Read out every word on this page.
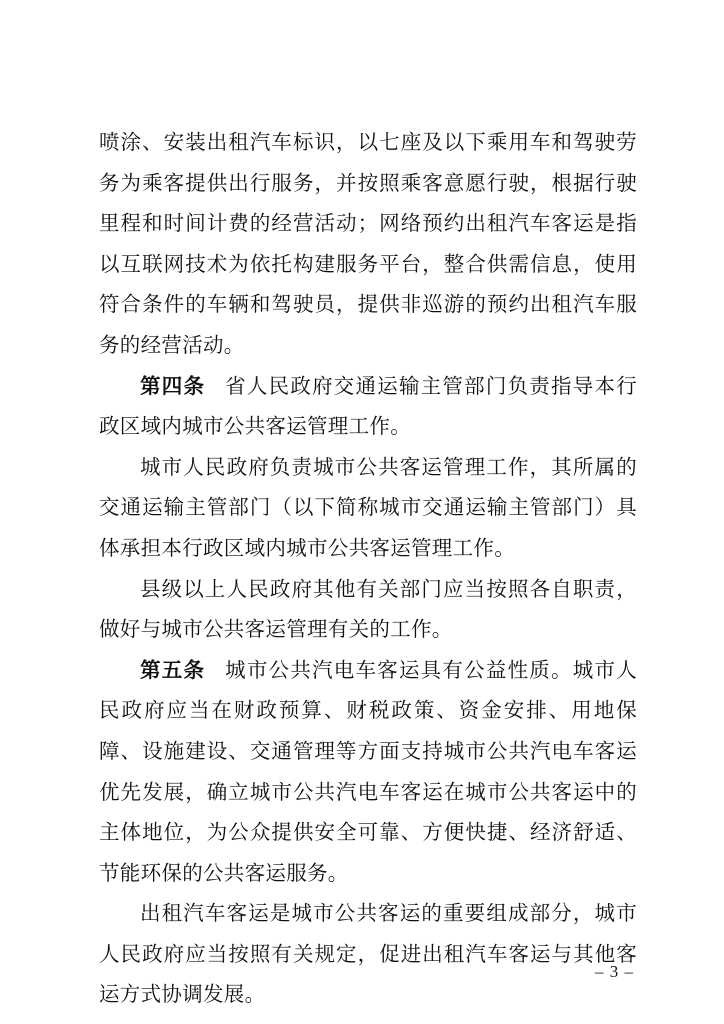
喷涂、安装出租汽车标识，以七座及以下乘用车和驾驶劳务为乘客提供出行服务，并按照乘客意愿行驶，根据行驶里程和时间计费的经营活动；网络预约出租汽车客运是指以互联网技术为依托构建服务平台，整合供需信息，使用符合条件的车辆和驾驶员，提供非巡游的预约出租汽车服务的经营活动。

第四条 省人民政府交通运输主管部门负责指导本行政区域内城市公共客运管理工作。

城市人民政府负责城市公共客运管理工作，其所属的交通运输主管部门（以下简称城市交通运输主管部门）具体承担本行政区域内城市公共客运管理工作。

县级以上人民政府其他有关部门应当按照各自职责，做好与城市公共客运管理有关的工作。

第五条 城市公共汽电车客运具有公益性质。城市人民政府应当在财政预算、财税政策、资金安排、用地保障、设施建设、交通管理等方面支持城市公共汽电车客运优先发展，确立城市公共汽电车客运在城市公共客运中的主体地位，为公众提供安全可靠、方便快捷、经济舒适、节能环保的公共客运服务。

出租汽车客运是城市公共客运的重要组成部分，城市人民政府应当按照有关规定，促进出租汽车客运与其他客运方式协调发展。

– 3 –
